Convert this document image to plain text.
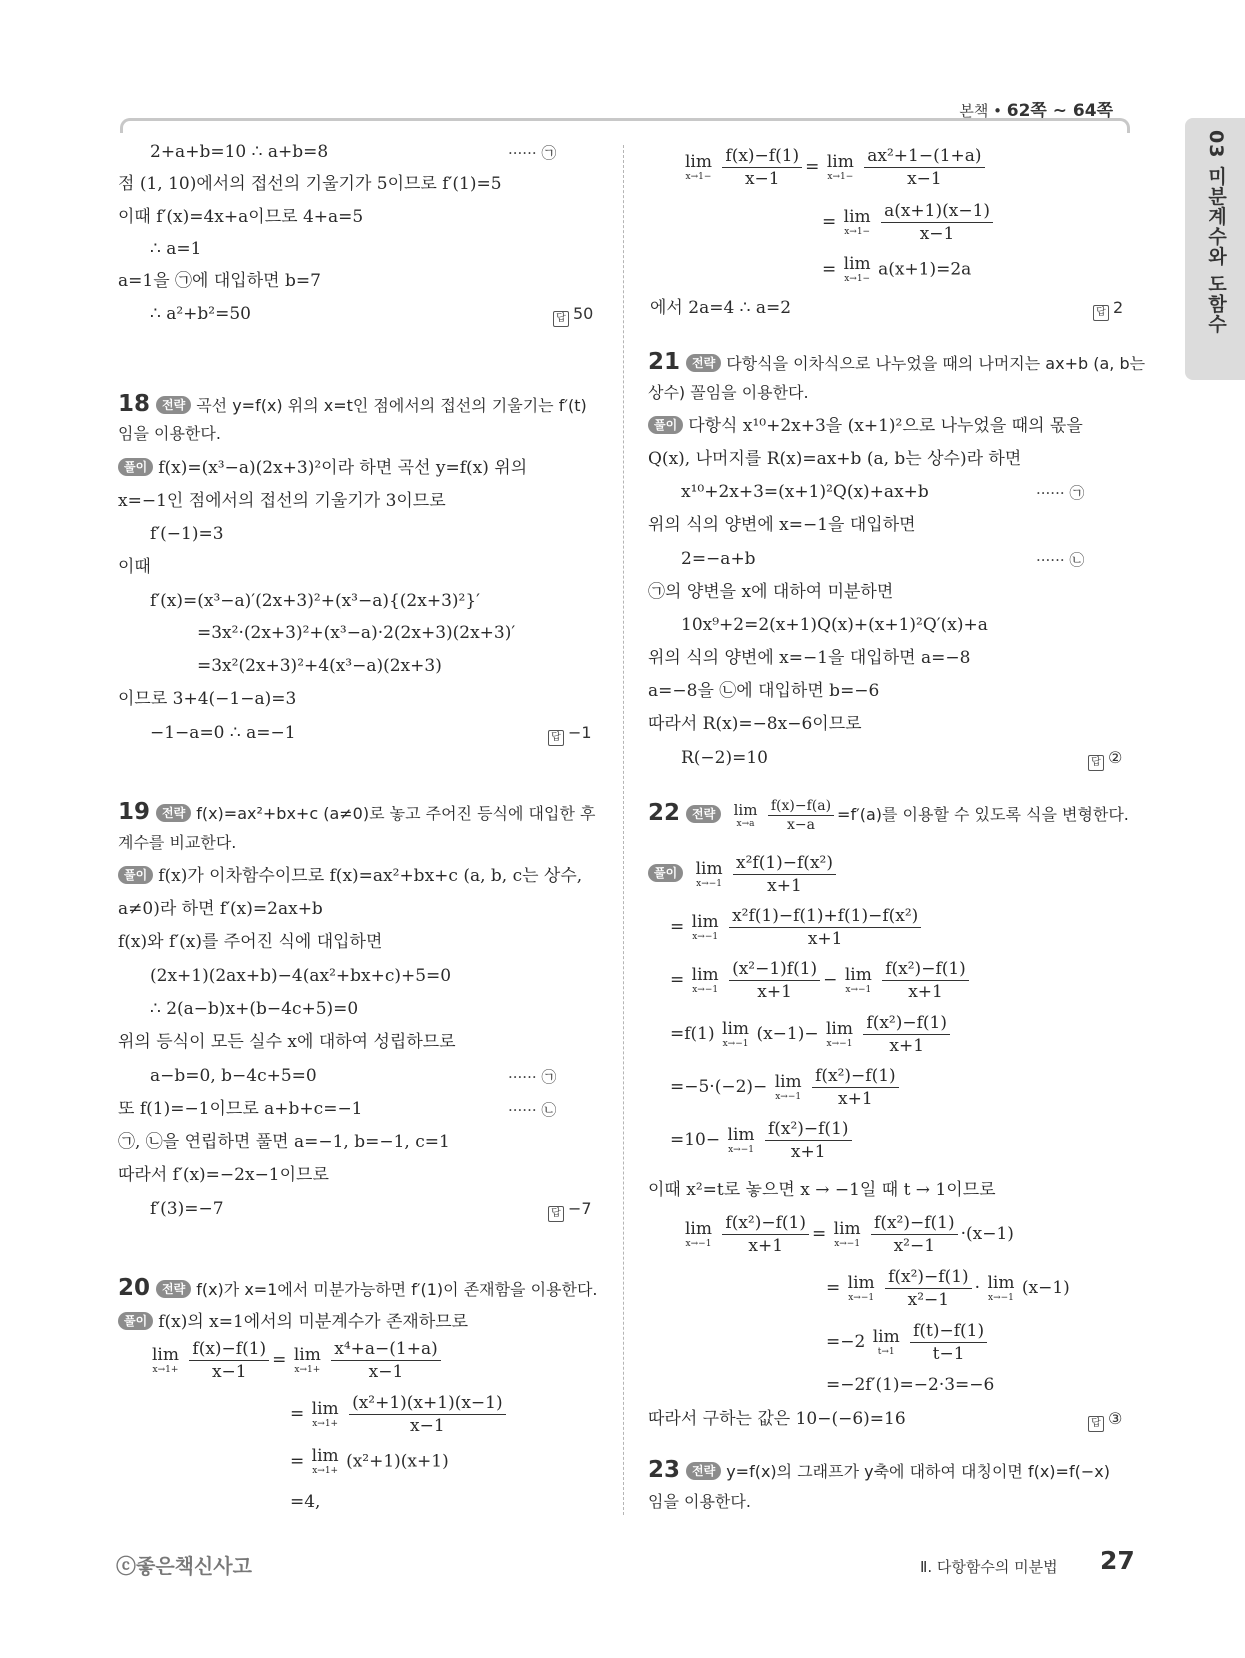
본책 • 62쪽 ~ 64쪽
03 미분계수와 도함수
2+a+b=10 ∴ a+b=8	······ ㉠
점 (1, 10)에서의 접선의 기울기가 5이므로 f′(1)=5
이때 f′(x)=4x+a이므로 4+a=5
∴ a=1
a=1을 ㉠에 대입하면 b=7
∴ a²+b²=50	답 50
18 전략 곡선 y=f(x) 위의 x=t인 점에서의 접선의 기울기는 f′(t)
임을 이용한다.
풀이 f(x)=(x³−a)(2x+3)²이라 하면 곡선 y=f(x) 위의
x=−1인 점에서의 접선의 기울기가 3이므로
f′(−1)=3
이때
f′(x)=(x³−a)′(2x+3)²+(x³−a){(2x+3)²}′
=3x²·(2x+3)²+(x³−a)·2(2x+3)(2x+3)′
=3x²(2x+3)²+4(x³−a)(2x+3)
이므로 3+4(−1−a)=3
−1−a=0 ∴ a=−1	답 −1
19 전략 f(x)=ax²+bx+c (a≠0)로 놓고 주어진 등식에 대입한 후
계수를 비교한다.
풀이 f(x)가 이차함수이므로 f(x)=ax²+bx+c (a, b, c는 상수,
a≠0)라 하면 f′(x)=2ax+b
f(x)와 f′(x)를 주어진 식에 대입하면
(2x+1)(2ax+b)−4(ax²+bx+c)+5=0
∴ 2(a−b)x+(b−4c+5)=0
위의 등식이 모든 실수 x에 대하여 성립하므로
a−b=0, b−4c+5=0	······ ㉠
또 f(1)=−1이므로 a+b+c=−1	······ ㉡
㉠, ㉡을 연립하면 풀면 a=−1, b=−1, c=1
따라서 f′(x)=−2x−1이므로
f′(3)=−7	답 −7
20 전략 f(x)가 x=1에서 미분가능하면 f′(1)이 존재함을 이용한다.
풀이 f(x)의 x=1에서의 미분계수가 존재하므로
lim
x→1+
$\frac{f(x)-f(1)}{x-1} = \lim$
x→1+
$\frac{\text{x⁴+a−(1+a)}}{x-1}$
= lim
x→1+
$\frac{\text{(x²+1)(x+1)(x−1)}}{x-1}$
= lim
x→1+ (x²+1)(x+1)
=4,
lim
x→1−
$\frac{f(x)-f(1)}{x-1} = \lim$
x→1−
$\frac{\text{ax²+1−(1+a)}}{x-1}$
= lim
x→1−
$\frac{a(x+1)(x-1)}{x-1}$
= lim
x→1− a(x+1)=2a
에서 2a=4 ∴ a=2	답 2
21 전략 다항식을 이차식으로 나누었을 때의 나머지는 ax+b (a, b는
상수) 꼴임을 이용한다.
풀이 다항식 x¹⁰+2x+3을 (x+1)²으로 나누었을 때의 몫을
Q(x), 나머지를 R(x)=ax+b (a, b는 상수)라 하면
x¹⁰+2x+3=(x+1)²Q(x)+ax+b	······ ㉠
위의 식의 양변에 x=−1을 대입하면
2=−a+b	······ ㉡
㉠의 양변을 x에 대하여 미분하면
10x⁹+2=2(x+1)Q(x)+(x+1)²Q′(x)+a
위의 식의 양변에 x=−1을 대입하면 a=−8
a=−8을 ㉡에 대입하면 b=−6
따라서 R(x)=−8x−6이므로
R(−2)=10	답 ②
22 전략 lim
x→a
$\frac{f(x)-f(a)}{x-a} =f'(a)$를 이용할 수 있도록 식을 변형한다.
풀이 lim
x→−1
$\frac{\text{x²f(1)−f(x²)}}{x+1}$
= lim
x→−1
$\frac{\text{x²f(1)−f(1)+f(1)−f(x²)}}{x+1}$
= lim
x→−1
$\frac{\text{(x²−1)f(1)}}{x+1} - \lim$
x→−1
$\frac{\text{f(x²)−f(1)}}{x+1}$
=f(1) lim
x→−1 (x−1)− lim
x→−1
$\frac{\text{f(x²)−f(1)}}{x+1}$
=−5·(−2)− lim
x→−1
$\frac{\text{f(x²)−f(1)}}{x+1}$
=10− lim
x→−1
$\frac{\text{f(x²)−f(1)}}{x+1}$
이때 x²=t로 놓으면 x → −1일 때 t → 1이므로
lim
x→−1
$\frac{\text{f(x²)−f(1)}}{x+1} = \lim$
x→−1
$\frac{\text{f(x²)−f(1)}}{\text{x²−1}} \cdot(x-1)$
= lim
x→−1
$\frac{\text{f(x²)−f(1)}}{\text{x²−1}} \cdot \lim$
x→−1 (x−1)
=−2 lim
t→1
$\frac{f(t)-f(1)}{t-1}$
=−2f′(1)=−2·3=−6
따라서 구하는 값은 10−(−6)=16	답 ③
23 전략 y=f(x)의 그래프가 y축에 대하여 대칭이면 f(x)=f(−x)
임을 이용한다.
ⓒ좋은책신사고	Ⅱ. 다항함수의 미분법 27
